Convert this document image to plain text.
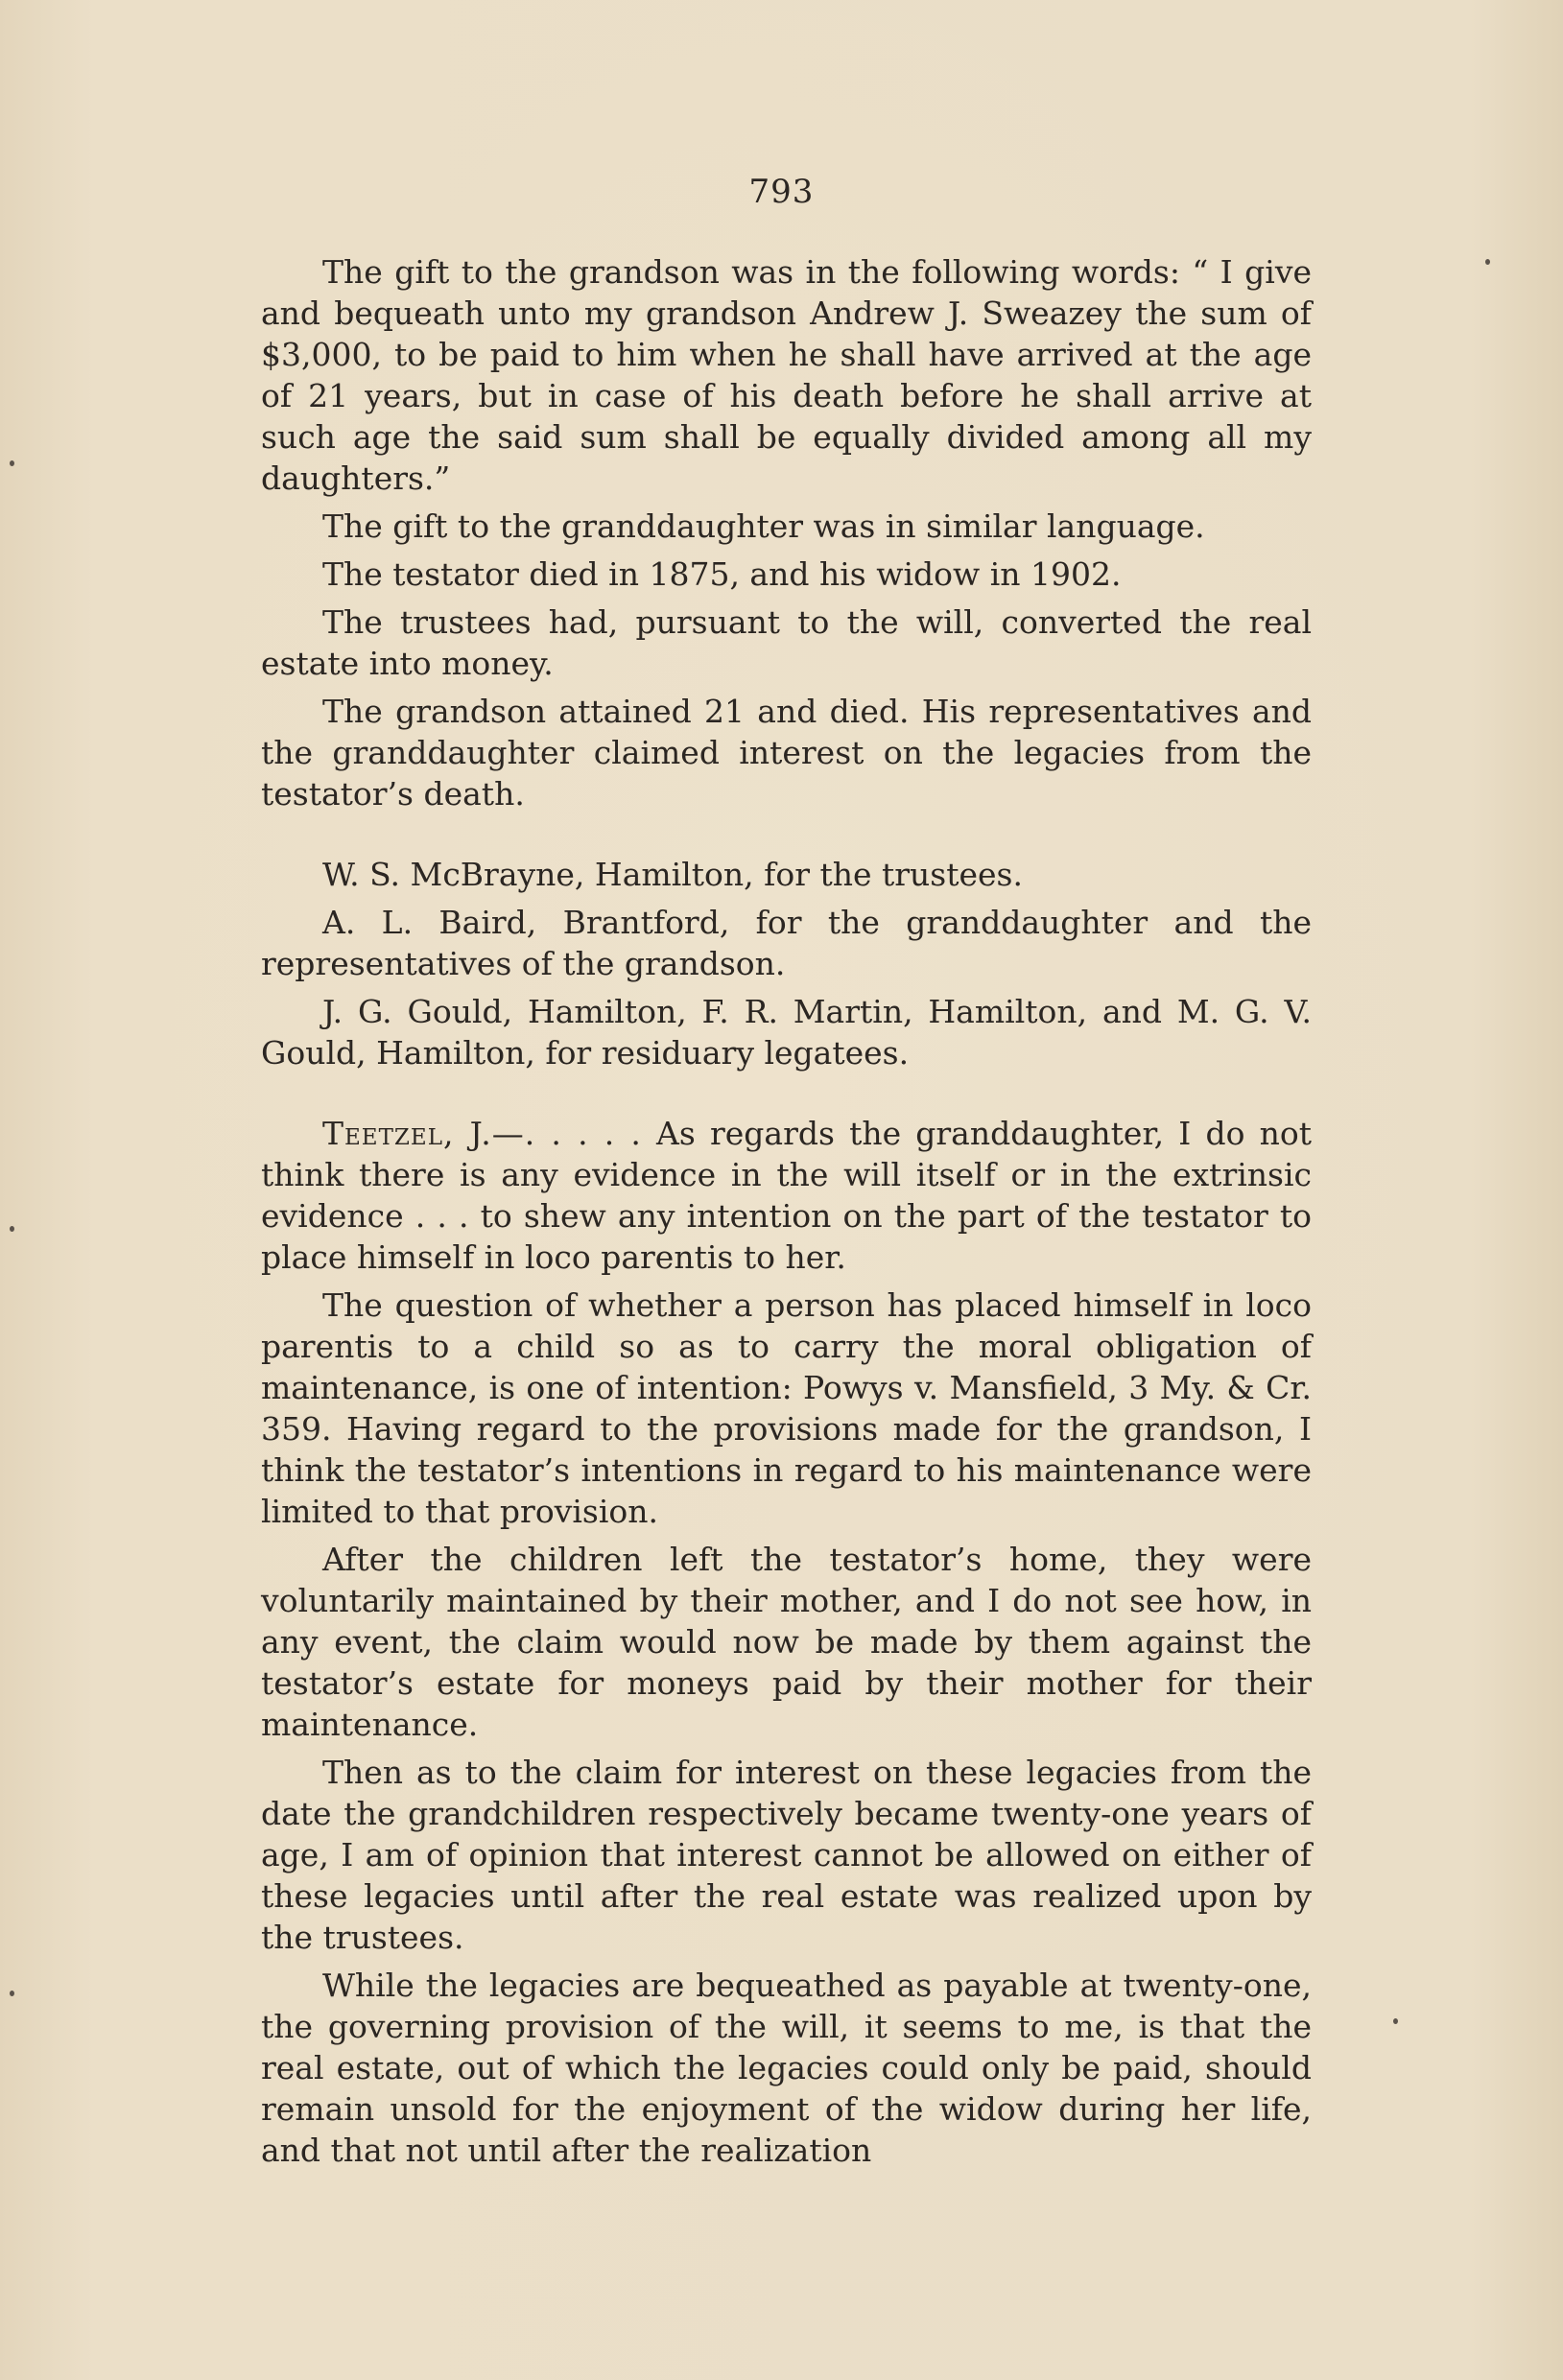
793

The gift to the grandson was in the following words: “ I give and bequeath unto my grandson Andrew J. Sweazey the sum of $3,000, to be paid to him when he shall have arrived at the age of 21 years, but in case of his death before he shall arrive at such age the said sum shall be equally divided among all my daughters.”

The gift to the granddaughter was in similar language.

The testator died in 1875, and his widow in 1902.

The trustees had, pursuant to the will, converted the real estate into money.

The grandson attained 21 and died. His representatives and the granddaughter claimed interest on the legacies from the testator’s death.

W. S. McBrayne, Hamilton, for the trustees.

A. L. Baird, Brantford, for the granddaughter and the representatives of the grandson.

J. G. Gould, Hamilton, F. R. Martin, Hamilton, and M. G. V. Gould, Hamilton, for residuary legatees.

Teetzel, J.—. . . . . As regards the granddaughter, I do not think there is any evidence in the will itself or in the extrinsic evidence . . . to shew any intention on the part of the testator to place himself in loco parentis to her.

The question of whether a person has placed himself in loco parentis to a child so as to carry the moral obligation of maintenance, is one of intention: Powys v. Mansfield, 3 My. & Cr. 359. Having regard to the provisions made for the grandson, I think the testator’s intentions in regard to his maintenance were limited to that provision.

After the children left the testator’s home, they were voluntarily maintained by their mother, and I do not see how, in any event, the claim would now be made by them against the testator’s estate for moneys paid by their mother for their maintenance.

Then as to the claim for interest on these legacies from the date the grandchildren respectively became twenty-one years of age, I am of opinion that interest cannot be allowed on either of these legacies until after the real estate was realized upon by the trustees.

While the legacies are bequeathed as payable at twenty-one, the governing provision of the will, it seems to me, is that the real estate, out of which the legacies could only be paid, should remain unsold for the enjoyment of the widow during her life, and that not until after the realization
